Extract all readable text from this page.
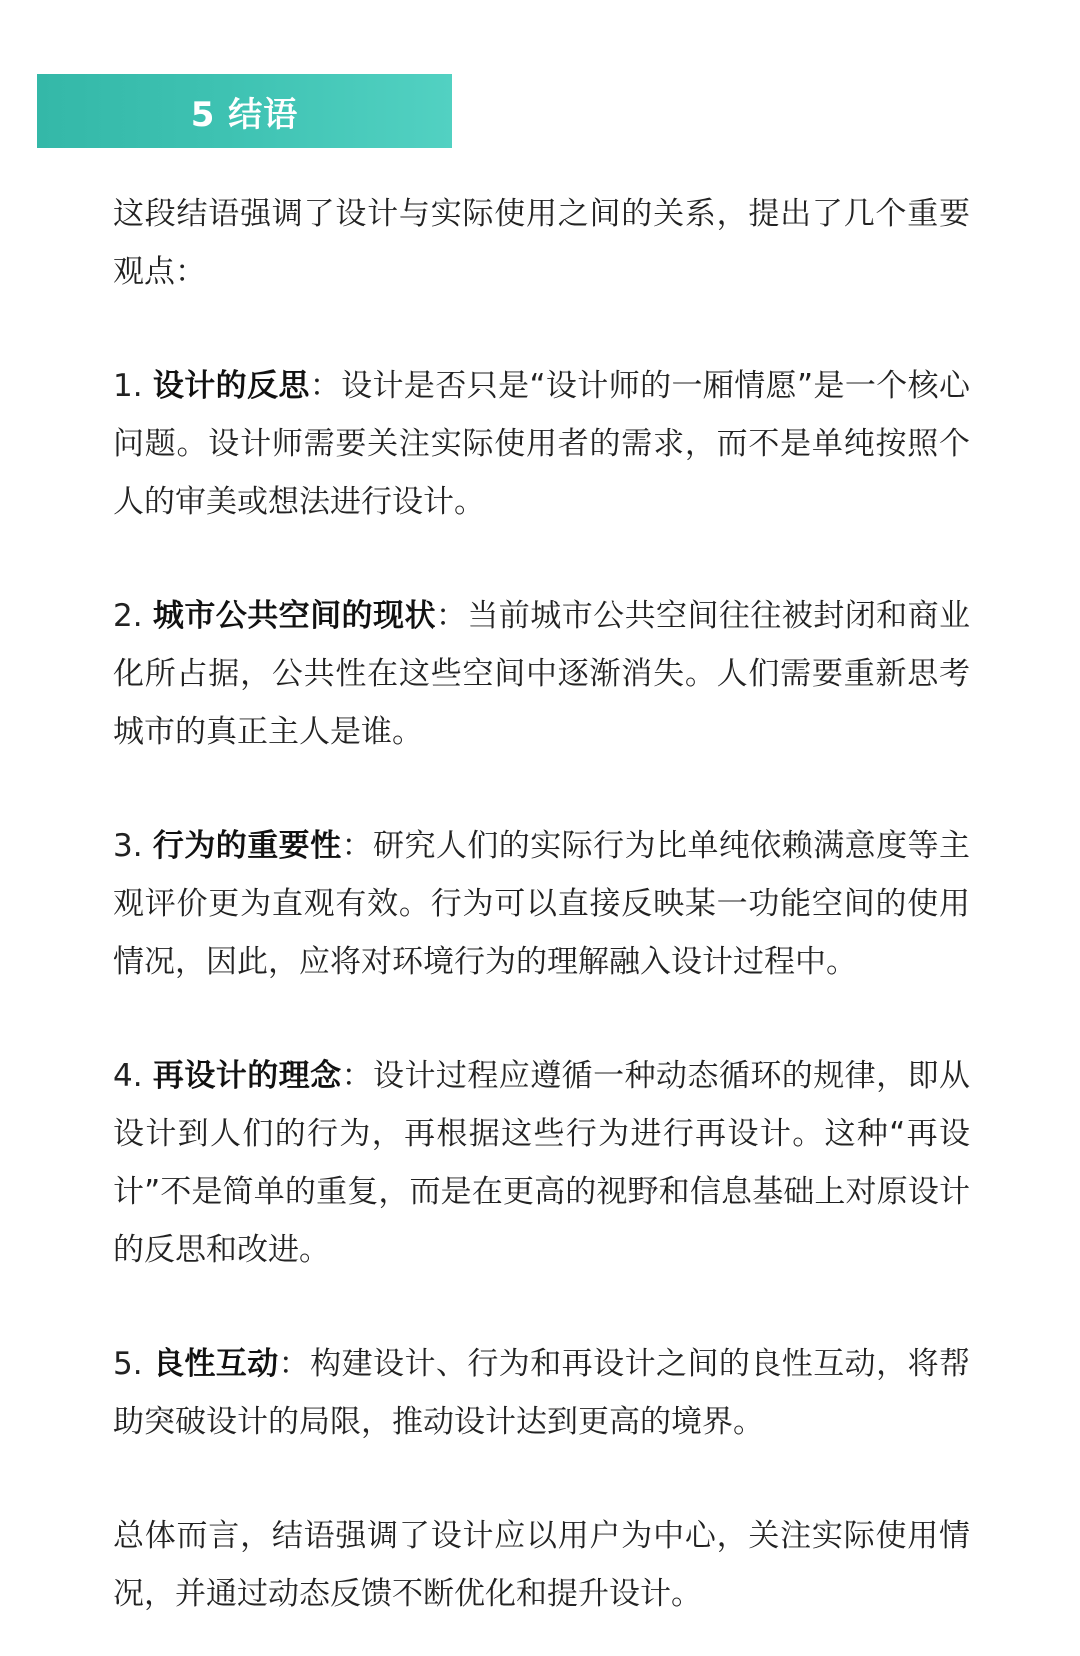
5 结语

这段结语强调了设计与实际使用之间的关系，提出了几个重要观点：

1. 设计的反思：设计是否只是“设计师的一厢情愿”是一个核心问题。设计师需要关注实际使用者的需求，而不是单纯按照个人的审美或想法进行设计。

2. 城市公共空间的现状：当前城市公共空间往往被封闭和商业化所占据，公共性在这些空间中逐渐消失。人们需要重新思考城市的真正主人是谁。

3. 行为的重要性：研究人们的实际行为比单纯依赖满意度等主观评价更为直观有效。行为可以直接反映某一功能空间的使用情况，因此，应将对环境行为的理解融入设计过程中。

4. 再设计的理念：设计过程应遵循一种动态循环的规律，即从设计到人们的行为，再根据这些行为进行再设计。这种“再设计”不是简单的重复，而是在更高的视野和信息基础上对原设计的反思和改进。

5. 良性互动：构建设计、行为和再设计之间的良性互动，将帮助突破设计的局限，推动设计达到更高的境界。

总体而言，结语强调了设计应以用户为中心，关注实际使用情况，并通过动态反馈不断优化和提升设计。
